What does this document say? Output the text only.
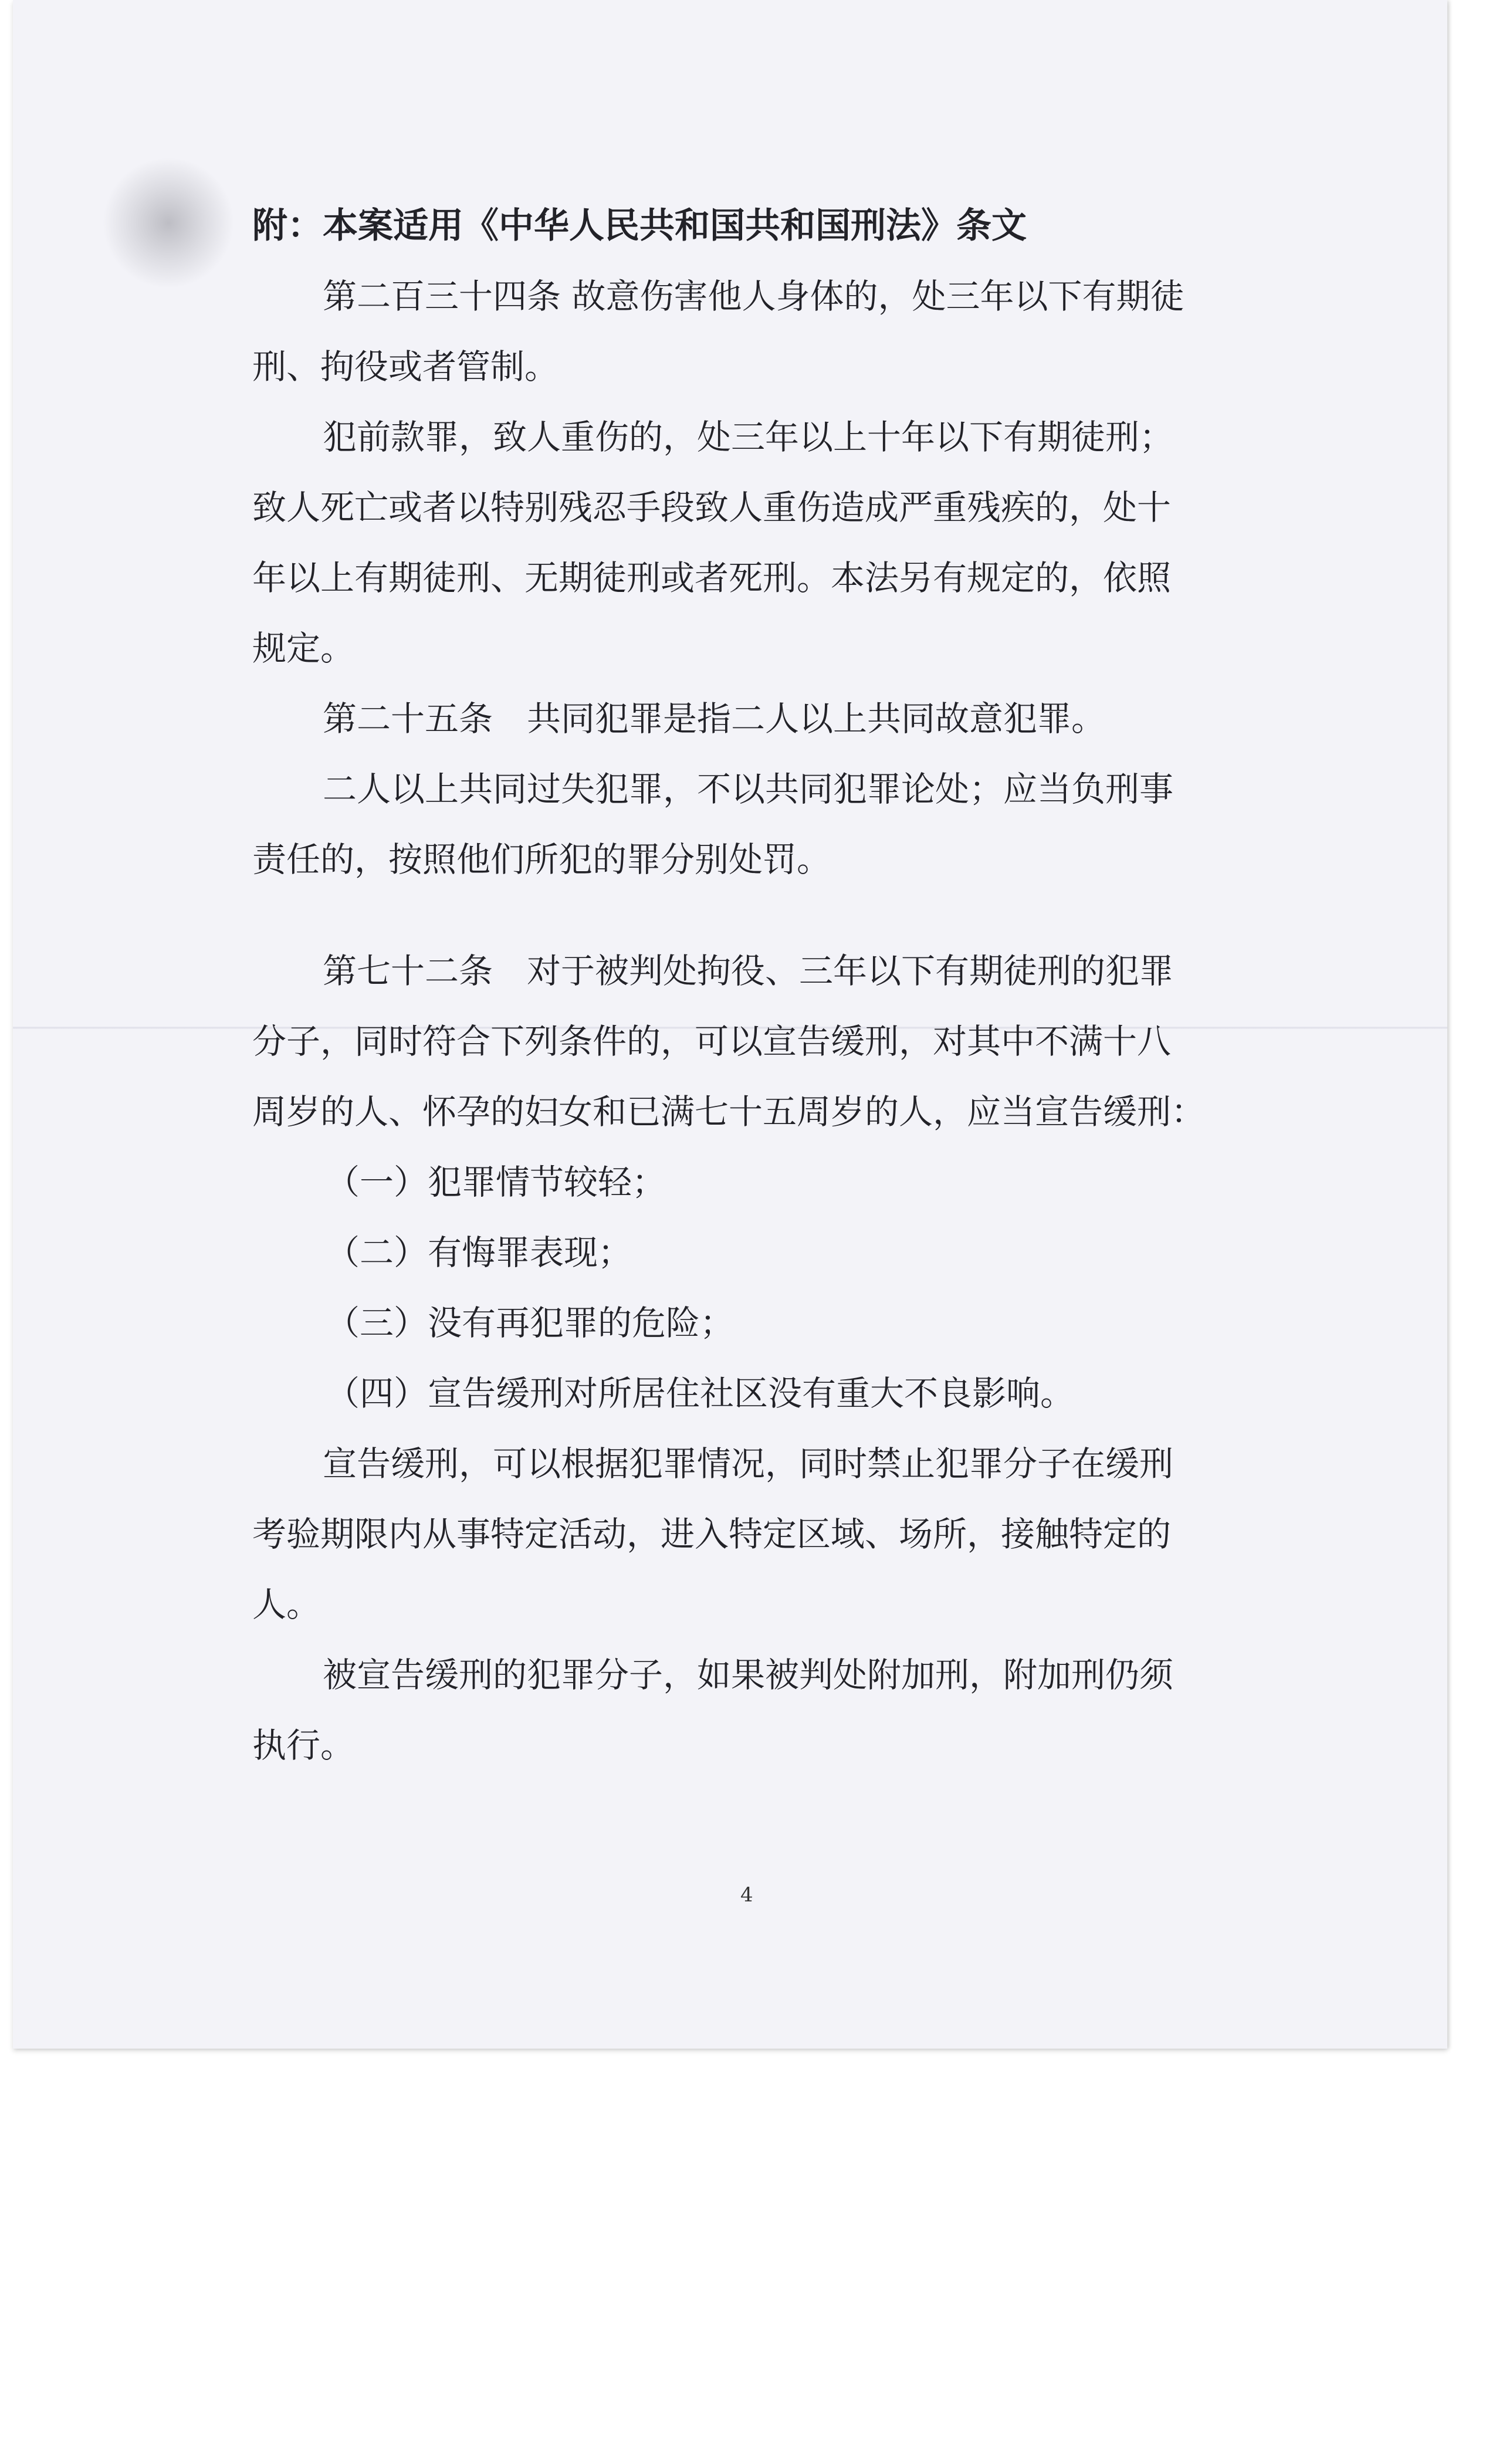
附：本案适用《中华人民共和国共和国刑法》条文
第二百三十四条 故意伤害他人身体的，处三年以下有期徒
刑、拘役或者管制。
犯前款罪，致人重伤的，处三年以上十年以下有期徒刑；
致人死亡或者以特别残忍手段致人重伤造成严重残疾的，处十
年以上有期徒刑、无期徒刑或者死刑。本法另有规定的，依照
规定。
第二十五条　共同犯罪是指二人以上共同故意犯罪。
二人以上共同过失犯罪，不以共同犯罪论处；应当负刑事
责任的，按照他们所犯的罪分别处罚。
第七十二条　对于被判处拘役、三年以下有期徒刑的犯罪
分子，同时符合下列条件的，可以宣告缓刑，对其中不满十八
周岁的人、怀孕的妇女和已满七十五周岁的人，应当宣告缓刑：
（一）犯罪情节较轻；
（二）有悔罪表现；
（三）没有再犯罪的危险；
（四）宣告缓刑对所居住社区没有重大不良影响。
宣告缓刑，可以根据犯罪情况，同时禁止犯罪分子在缓刑
考验期限内从事特定活动，进入特定区域、场所，接触特定的
人。
被宣告缓刑的犯罪分子，如果被判处附加刑，附加刑仍须
执行。
4
